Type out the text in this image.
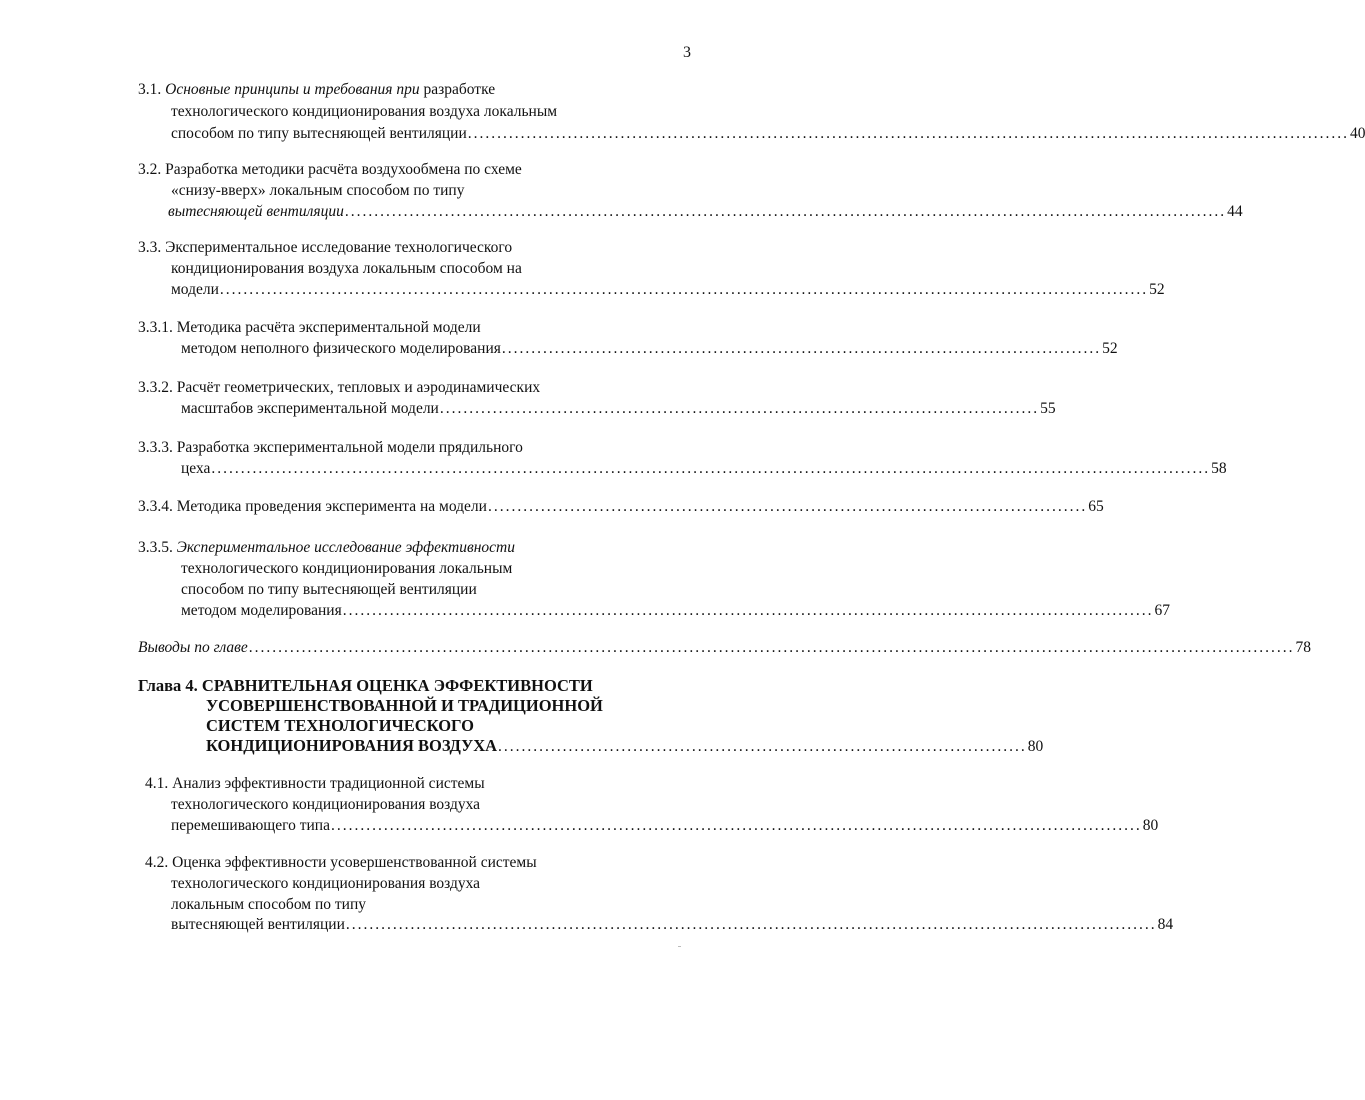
3
3.1. Основные принципы и требования при разработке
технологического кондиционирования воздуха локальным
способом по типу вытесняющей вентиляции ...................................................................................................................................................... 40
3.2. Разработка методики расчёта воздухообмена по схеме
«снизу-вверх» локальным способом по типу
вытесняющей вентиляции ...................................................................................................................................................... 44
3.3. Экспериментальное исследование технологического
кондиционирования воздуха локальным способом на
модели .............................................................................................................................................................. 52
3.3.1. Методика расчёта экспериментальной модели
методом неполного физического моделирования ...................................................................................................... 52
3.3.2. Расчёт геометрических, тепловых и аэродинамических
масштабов экспериментальной модели ...................................................................................................... 55
3.3.3. Разработка экспериментальной модели прядильного
цеха .......................................................................................................................................................................... 58
3.3.4. Методика проведения эксперимента на модели ...................................................................................................... 65
3.3.5. Экспериментальное исследование эффективности
технологического кондиционирования локальным
способом по типу вытесняющей вентиляции
методом моделирования .......................................................................................................................................... 67
Выводы по главе .................................................................................................................................................................................. 78
Глава 4. СРАВНИТЕЛЬНАЯ ОЦЕНКА ЭФФЕКТИВНОСТИ
УСОВЕРШЕНСТВОВАННОЙ И ТРАДИЦИОННОЙ
СИСТЕМ ТЕХНОЛОГИЧЕСКОГО
КОНДИЦИОНИРОВАНИЯ ВОЗДУХА .......................................................................................... 80
4.1. Анализ эффективности традиционной системы
технологического кондиционирования воздуха
перемешивающего типа .......................................................................................................................................... 80
4.2. Оценка эффективности усовершенствованной системы
технологического кондиционирования воздуха
локальным способом по типу
вытесняющей вентиляции .......................................................................................................................................... 84
